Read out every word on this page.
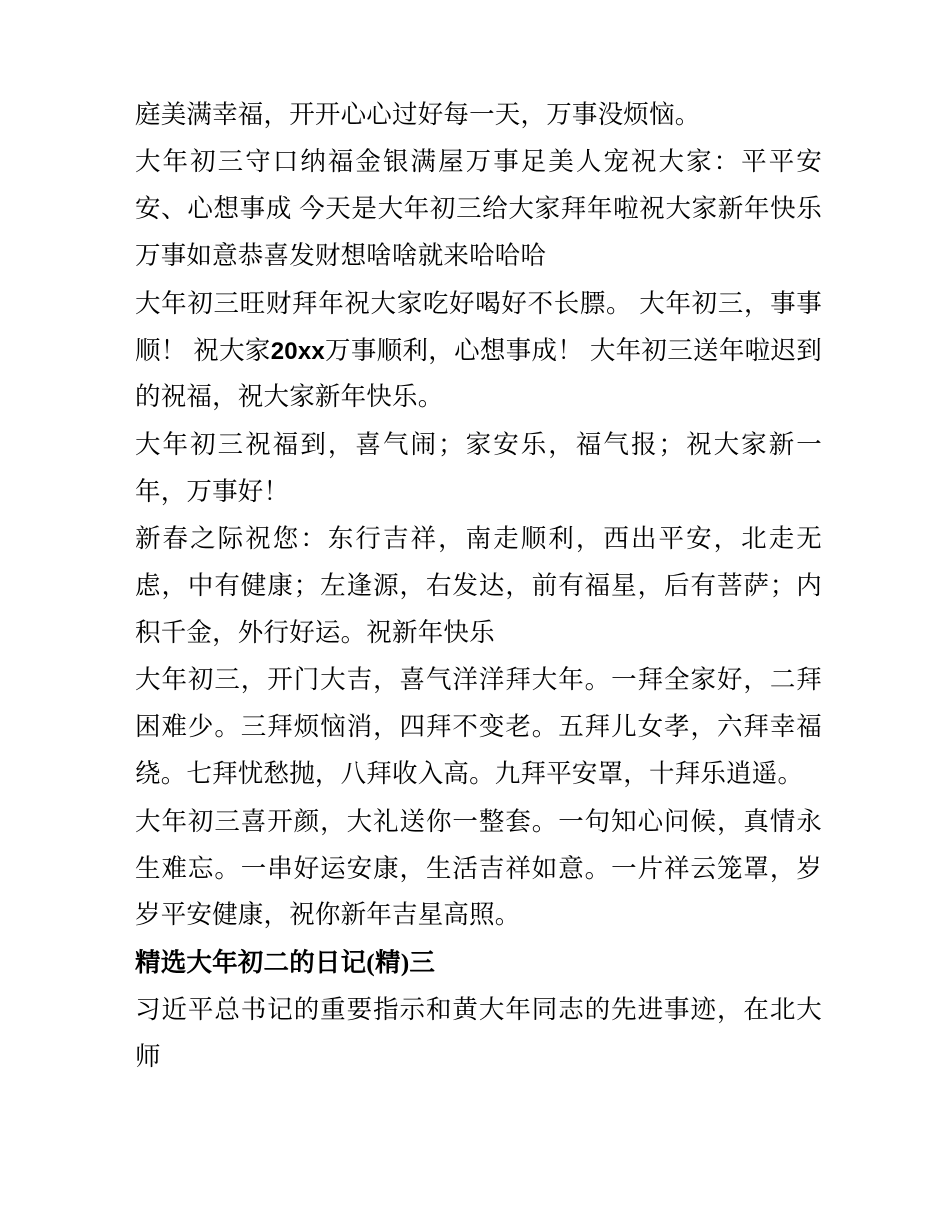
庭美满幸福，开开心心过好每一天，万事没烦恼。

大年初三守口纳福金银满屋万事足美人宠祝大家：平平安安、心想事成 今天是大年初三给大家拜年啦祝大家新年快乐万事如意恭喜发财想啥啥就来哈哈哈

大年初三旺财拜年祝大家吃好喝好不长膘。 大年初三，事事顺！ 祝大家20xx万事顺利，心想事成！ 大年初三送年啦迟到的祝福，祝大家新年快乐。

大年初三祝福到，喜气闹；家安乐，福气报；祝大家新一年，万事好！

新春之际祝您：东行吉祥，南走顺利，西出平安，北走无虑，中有健康；左逢源，右发达，前有福星，后有菩萨；内积千金，外行好运。祝新年快乐

大年初三，开门大吉，喜气洋洋拜大年。一拜全家好，二拜困难少。三拜烦恼消，四拜不变老。五拜儿女孝，六拜幸福绕。七拜忧愁抛，八拜收入高。九拜平安罩，十拜乐逍遥。

大年初三喜开颜，大礼送你一整套。一句知心问候，真情永生难忘。一串好运安康，生活吉祥如意。一片祥云笼罩，岁岁平安健康，祝你新年吉星高照。

精选大年初二的日记(精)三

习近平总书记的重要指示和黄大年同志的先进事迹，在北大师
